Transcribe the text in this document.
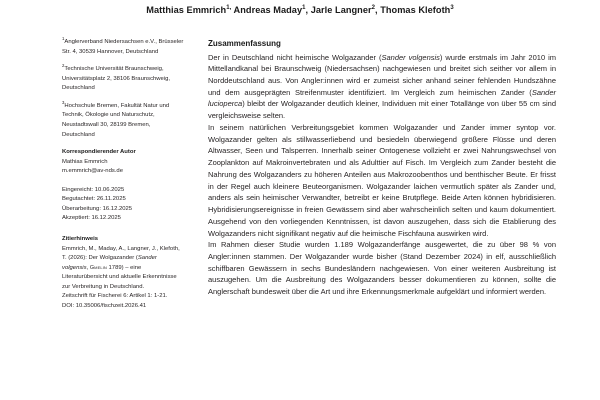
Matthias Emmrich$^{1,}$ Andreas Maday$^1$, Jarle Langner$^2$, Thomas Klefoth$^3$
$^1$Anglerverband Niedersachsen e.V., Brüsseler Str. 4, 30539 Hannover, Deutschland
$^2$Technische Universität Braunschweig, Universitätsplatz 2, 38106 Braunschweig, Deutschland
$^3$Hochschule Bremen, Fakultät Natur und Technik, Ökologie und Naturschutz, Neustadtswall 30, 28199 Bremen, Deutschland
Korrespondierender Autor
Mathias Emmrich
m.emmrich@av-nds.de
Eingereicht: 10.06.2025
Begutachtet: 26.11.2025
Überarbeitung: 16.12.2025
Akzeptiert: 16.12.2025
Zitierhinweis
Emmrich, M., Maday, A., Langner, J., Klefoth, T. (2026): Der Wolgazander (Sander volgensis, Gmelin 1789) – eine Literaturübersicht und aktuelle Erkenntnisse zur Verbreitung in Deutschland.
Zeitschrift für Fischerei 6: Artikel 1: 1-21.
DOI: 10.35006/fischzeit.2026.41
Zusammenfassung

Der in Deutschland nicht heimische Wolgazander (Sander volgensis) wurde erstmals im Jahr 2010 im Mittellandkanal bei Braunschweig (Niedersachsen) nachgewiesen und breitet sich seither vor allem in Norddeutschland aus. Von Angler:innen wird er zumeist sicher anhand seiner fehlenden Hundszähne und dem ausgeprägten Streifenmuster identifiziert. Im Vergleich zum heimischen Zander (Sander lucioperca) bleibt der Wolgazander deutlich kleiner, Individuen mit einer Totallänge von über 55 cm sind vergleichsweise selten.

In seinem natürlichen Verbreitungsgebiet kommen Wolgazander und Zander immer syntop vor. Wolgazander gelten als stillwasserliebend und besiedeln überwiegend größere Flüsse und deren Altwasser, Seen und Talsperren. Innerhalb seiner Ontogenese vollzieht er zwei Nahrungswechsel von Zooplankton auf Makroinvertebraten und als Adulttier auf Fisch. Im Vergleich zum Zander besteht die Nahrung des Wolgazanders zu höheren Anteilen aus Makrozoobenthos und benthischer Beute. Er frisst in der Regel auch kleinere Beuteorganismen. Wolgazander laichen vermutlich später als Zander und, anders als sein heimischer Verwandter, betreibt er keine Brutpflege. Beide Arten können hybridisieren. Hybridisierungsereignisse in freien Gewässern sind aber wahrscheinlich selten und kaum dokumentiert. Ausgehend von den vorliegenden Kenntnissen, ist davon auszugehen, dass sich die Etablierung des Wolgazanders nicht signifikant negativ auf die heimische Fischfauna auswirken wird.

Im Rahmen dieser Studie wurden 1.189 Wolgazanderfänge ausgewertet, die zu über 98 % von Angler:innen stammen. Der Wolgazander wurde bisher (Stand Dezember 2024) in elf, ausschließlich schiffbaren Gewässern in sechs Bundesländern nachgewiesen. Von einer weiteren Ausbreitung ist auszugehen. Um die Ausbreitung des Wolgazanders besser dokumentieren zu können, sollte die Anglerschaft bundesweit über die Art und ihre Erkennungsmerkmale aufgeklärt und informiert werden.
